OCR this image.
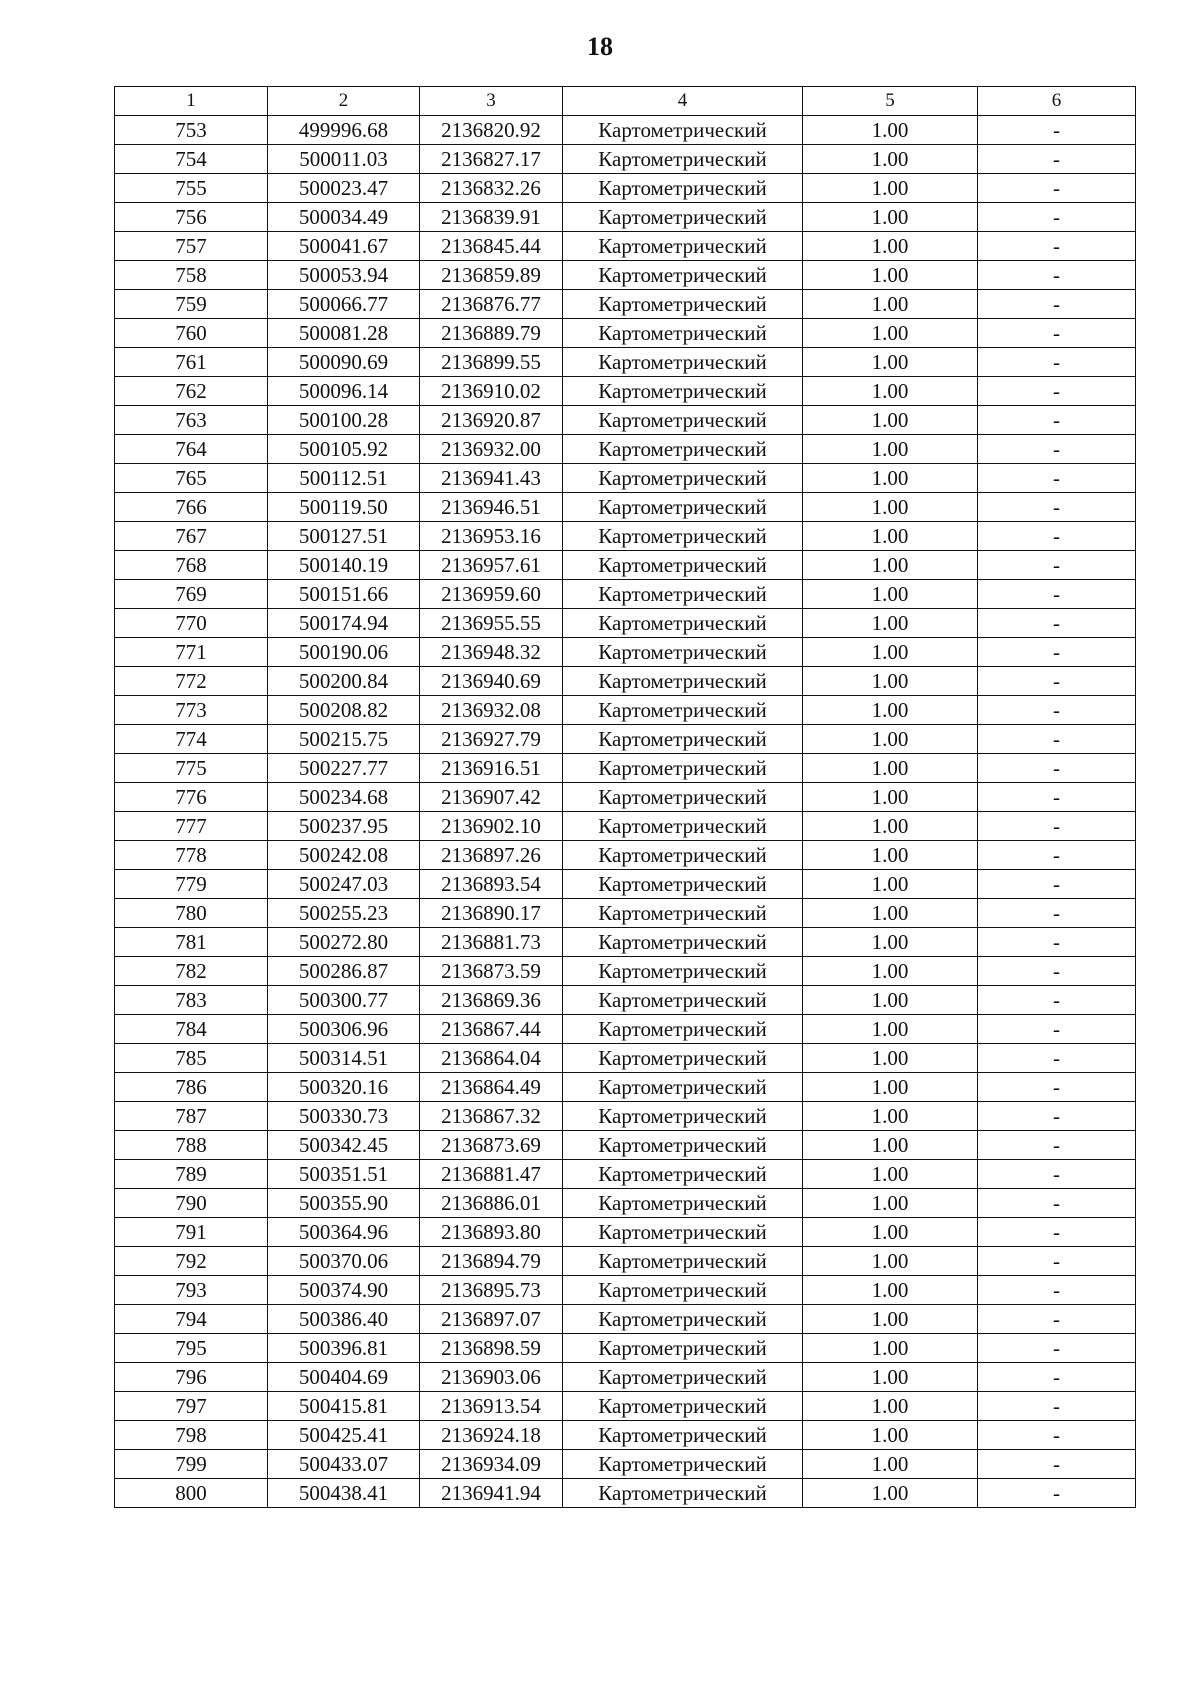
18
1	2	3	4	5	6
753	499996.68	2136820.92	Картометрический	1.00	-
754	500011.03	2136827.17	Картометрический	1.00	-
755	500023.47	2136832.26	Картометрический	1.00	-
756	500034.49	2136839.91	Картометрический	1.00	-
757	500041.67	2136845.44	Картометрический	1.00	-
758	500053.94	2136859.89	Картометрический	1.00	-
759	500066.77	2136876.77	Картометрический	1.00	-
760	500081.28	2136889.79	Картометрический	1.00	-
761	500090.69	2136899.55	Картометрический	1.00	-
762	500096.14	2136910.02	Картометрический	1.00	-
763	500100.28	2136920.87	Картометрический	1.00	-
764	500105.92	2136932.00	Картометрический	1.00	-
765	500112.51	2136941.43	Картометрический	1.00	-
766	500119.50	2136946.51	Картометрический	1.00	-
767	500127.51	2136953.16	Картометрический	1.00	-
768	500140.19	2136957.61	Картометрический	1.00	-
769	500151.66	2136959.60	Картометрический	1.00	-
770	500174.94	2136955.55	Картометрический	1.00	-
771	500190.06	2136948.32	Картометрический	1.00	-
772	500200.84	2136940.69	Картометрический	1.00	-
773	500208.82	2136932.08	Картометрический	1.00	-
774	500215.75	2136927.79	Картометрический	1.00	-
775	500227.77	2136916.51	Картометрический	1.00	-
776	500234.68	2136907.42	Картометрический	1.00	-
777	500237.95	2136902.10	Картометрический	1.00	-
778	500242.08	2136897.26	Картометрический	1.00	-
779	500247.03	2136893.54	Картометрический	1.00	-
780	500255.23	2136890.17	Картометрический	1.00	-
781	500272.80	2136881.73	Картометрический	1.00	-
782	500286.87	2136873.59	Картометрический	1.00	-
783	500300.77	2136869.36	Картометрический	1.00	-
784	500306.96	2136867.44	Картометрический	1.00	-
785	500314.51	2136864.04	Картометрический	1.00	-
786	500320.16	2136864.49	Картометрический	1.00	-
787	500330.73	2136867.32	Картометрический	1.00	-
788	500342.45	2136873.69	Картометрический	1.00	-
789	500351.51	2136881.47	Картометрический	1.00	-
790	500355.90	2136886.01	Картометрический	1.00	-
791	500364.96	2136893.80	Картометрический	1.00	-
792	500370.06	2136894.79	Картометрический	1.00	-
793	500374.90	2136895.73	Картометрический	1.00	-
794	500386.40	2136897.07	Картометрический	1.00	-
795	500396.81	2136898.59	Картометрический	1.00	-
796	500404.69	2136903.06	Картометрический	1.00	-
797	500415.81	2136913.54	Картометрический	1.00	-
798	500425.41	2136924.18	Картометрический	1.00	-
799	500433.07	2136934.09	Картометрический	1.00	-
800	500438.41	2136941.94	Картометрический	1.00	-
